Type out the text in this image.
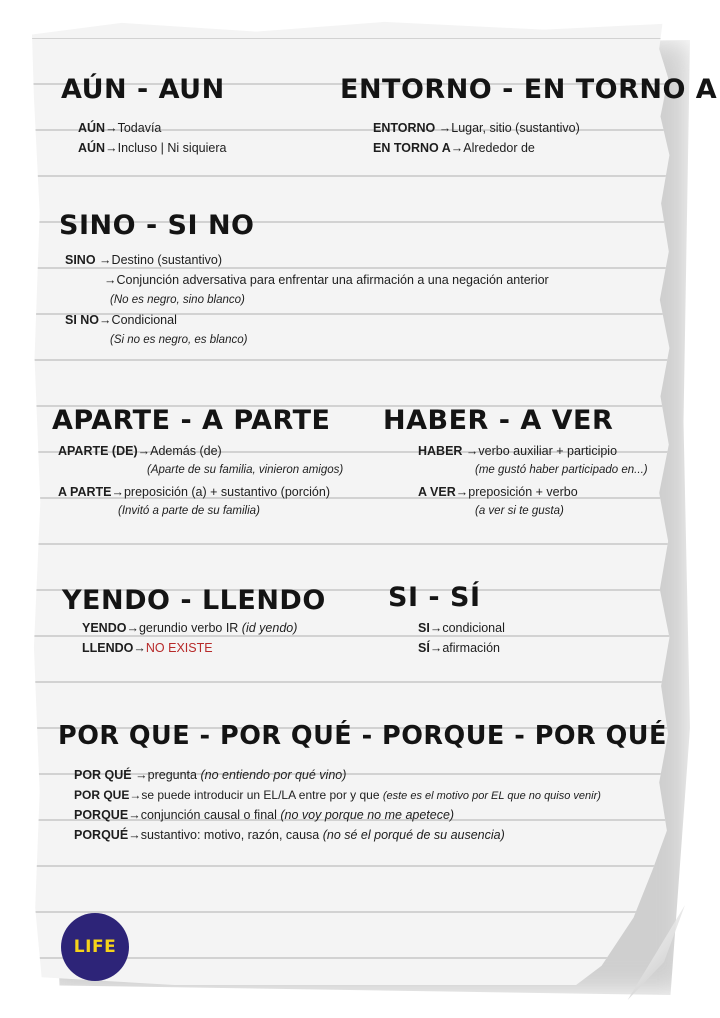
AÚN - AUN
AÚN→Todavía
AÚN→Incluso | Ni siquiera
ENTORNO - EN TORNO A
ENTORNO →Lugar, sitio (sustantivo)
EN TORNO A→Alrededor de
SINO - SI NO
SINO →Destino (sustantivo)
→Conjunción adversativa para enfrentar una afirmación a una negación anterior
(No es negro, sino blanco)
SI NO→Condicional
(Si no es negro, es blanco)
APARTE - A PARTE
APARTE (DE)→Además (de)
(Aparte de su familia, vinieron amigos)
A PARTE→preposición (a) + sustantivo (porción)
(Invitó a parte de su familia)
HABER - A VER
HABER →verbo auxiliar + participio
(me gustó haber participado en...)
A VER→preposición + verbo
(a ver si te gusta)
YENDO - LLENDO
YENDO→gerundio verbo IR (id yendo)
LLENDO→NO EXISTE
SI - SÍ
SI→condicional
SÍ→afirmación
POR QUE - POR QUÉ - PORQUE - POR QUÉ
POR QUÉ →pregunta (no entiendo por qué vino)
POR QUE→se puede introducir un EL/LA entre por y que (este es el motivo por EL que no quiso venir)
PORQUE→conjunción causal o final (no voy porque no me apetece)
PORQUÉ→sustantivo: motivo, razón, causa (no sé el porqué de su ausencia)
LIFE
